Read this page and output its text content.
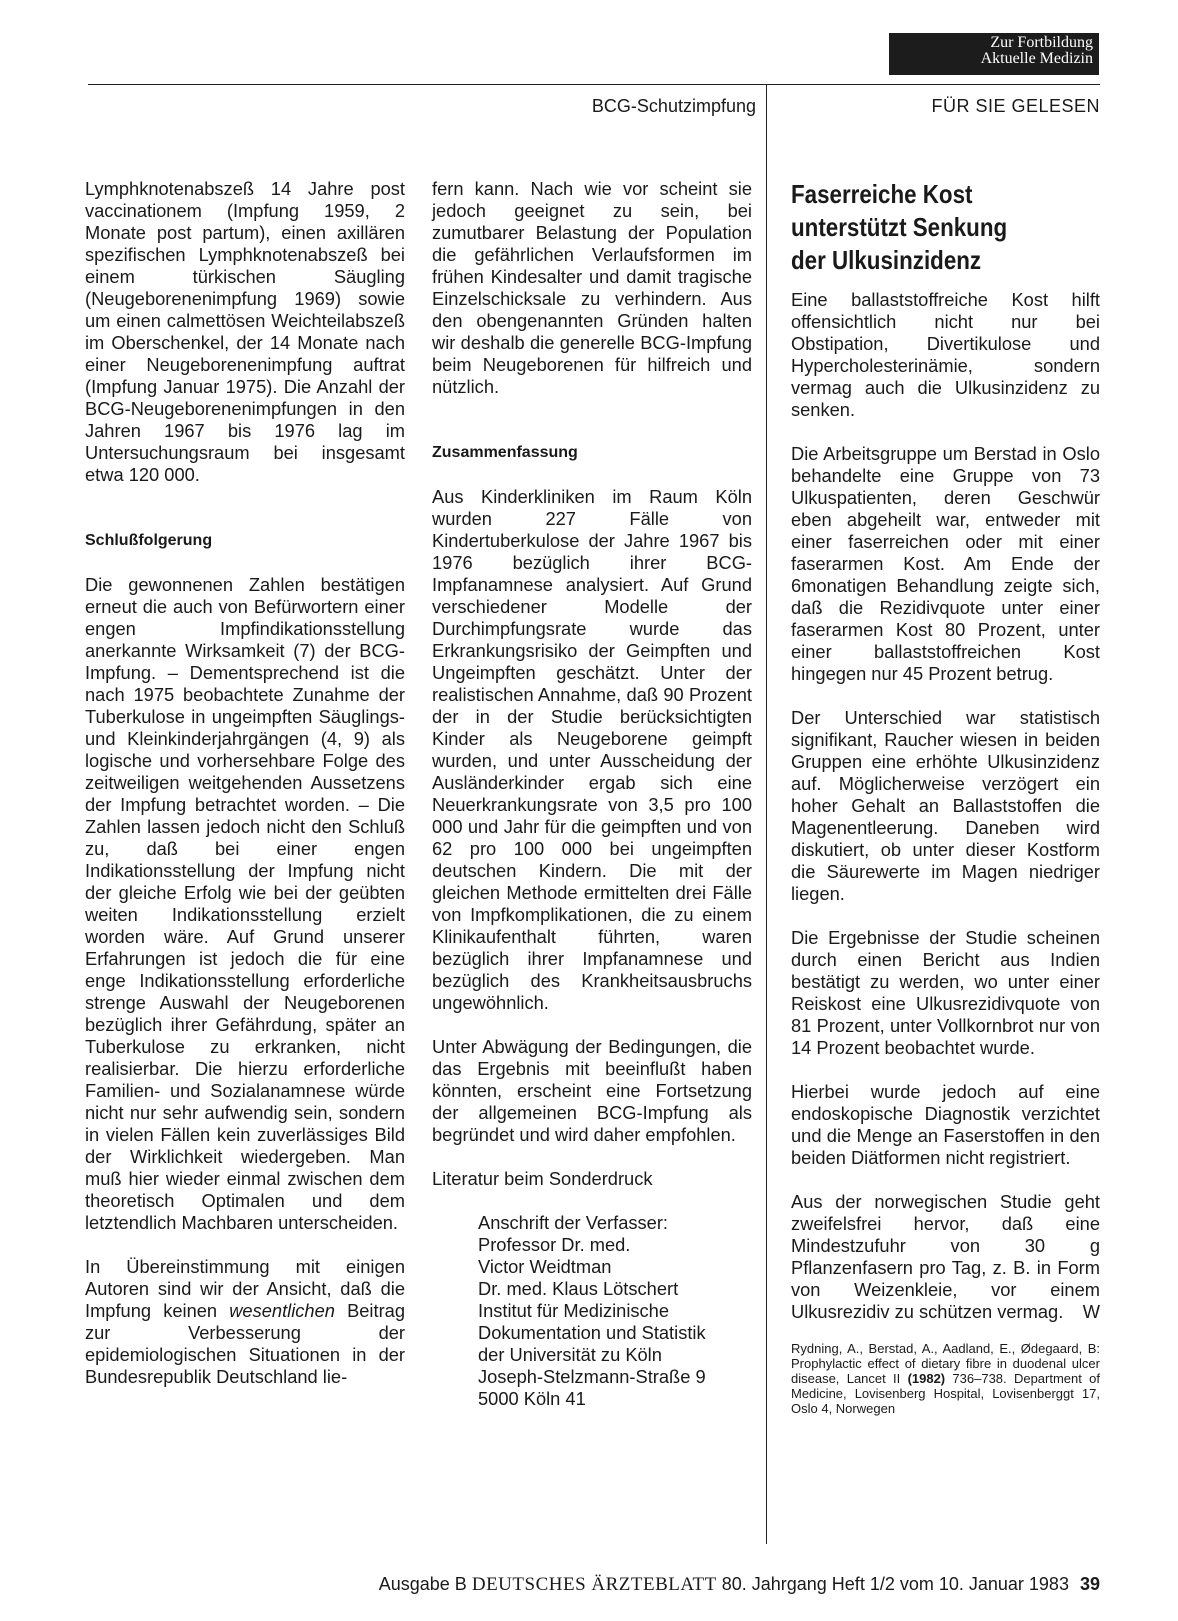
Zur Fortbildung
Aktuelle Medizin
BCG-Schutzimpfung	FÜR SIE GELESEN

Lymphknotenabszeß 14 Jahre post vaccinationem (Impfung 1959, 2 Monate post partum), einen axillären spezifischen Lymphknotenabszeß bei einem türkischen Säugling (Neugeborenenimpfung 1969) sowie um einen calmettösen Weichteilabszeß im Oberschenkel, der 14 Monate nach einer Neugeborenenimpfung auftrat (Impfung Januar 1975). Die Anzahl der BCG-Neugeborenenimpfungen in den Jahren 1967 bis 1976 lag im Untersuchungsraum bei insgesamt etwa 120 000.

Schlußfolgerung

Die gewonnenen Zahlen bestätigen erneut die auch von Befürwortern einer engen Impfindikationsstellung anerkannte Wirksamkeit (7) der BCG-Impfung. – Dementsprechend ist die nach 1975 beobachtete Zunahme der Tuberkulose in ungeimpften Säuglings- und Kleinkinderjahrgängen (4, 9) als logische und vorhersehbare Folge des zeitweiligen weitgehenden Aussetzens der Impfung betrachtet worden. – Die Zahlen lassen jedoch nicht den Schluß zu, daß bei einer engen Indikationsstellung der Impfung nicht der gleiche Erfolg wie bei der geübten weiten Indikationsstellung erzielt worden wäre. Auf Grund unserer Erfahrungen ist jedoch die für eine enge Indikationsstellung erforderliche strenge Auswahl der Neugeborenen bezüglich ihrer Gefährdung, später an Tuberkulose zu erkranken, nicht realisierbar. Die hierzu erforderliche Familien- und Sozialanamnese würde nicht nur sehr aufwendig sein, sondern in vielen Fällen kein zuverlässiges Bild der Wirklichkeit wiedergeben. Man muß hier wieder einmal zwischen dem theoretisch Optimalen und dem letztendlich Machbaren unterscheiden.

In Übereinstimmung mit einigen Autoren sind wir der Ansicht, daß die Impfung keinen wesentlichen Beitrag zur Verbesserung der epidemiologischen Situationen in der Bundesrepublik Deutschland lie-

fern kann. Nach wie vor scheint sie jedoch geeignet zu sein, bei zumutbarer Belastung der Population die gefährlichen Verlaufsformen im frühen Kindesalter und damit tragische Einzelschicksale zu verhindern. Aus den obengenannten Gründen halten wir deshalb die generelle BCG-Impfung beim Neugeborenen für hilfreich und nützlich.

Zusammenfassung

Aus Kinderkliniken im Raum Köln wurden 227 Fälle von Kindertuberkulose der Jahre 1967 bis 1976 bezüglich ihrer BCG-Impfanamnese analysiert. Auf Grund verschiedener Modelle der Durchimpfungsrate wurde das Erkrankungsrisiko der Geimpften und Ungeimpften geschätzt. Unter der realistischen Annahme, daß 90 Prozent der in der Studie berücksichtigten Kinder als Neugeborene geimpft wurden, und unter Ausscheidung der Ausländerkinder ergab sich eine Neuerkrankungsrate von 3,5 pro 100 000 und Jahr für die geimpften und von 62 pro 100 000 bei ungeimpften deutschen Kindern. Die mit der gleichen Methode ermittelten drei Fälle von Impfkomplikationen, die zu einem Klinikaufenthalt führten, waren bezüglich ihrer Impfanamnese und bezüglich des Krankheitsausbruchs ungewöhnlich.

Unter Abwägung der Bedingungen, die das Ergebnis mit beeinflußt haben könnten, erscheint eine Fortsetzung der allgemeinen BCG-Impfung als begründet und wird daher empfohlen.

Literatur beim Sonderdruck

Anschrift der Verfasser:
Professor Dr. med.
Victor Weidtman
Dr. med. Klaus Lötschert
Institut für Medizinische
Dokumentation und Statistik
der Universität zu Köln
Joseph-Stelzmann-Straße 9
5000 Köln 41
Faserreiche Kost
unterstützt Senkung
der Ulkusinzidenz

Eine ballaststoffreiche Kost hilft offensichtlich nicht nur bei Obstipation, Divertikulose und Hypercholesterinämie, sondern vermag auch die Ulkusinzidenz zu senken.

Die Arbeitsgruppe um Berstad in Oslo behandelte eine Gruppe von 73 Ulkuspatienten, deren Geschwür eben abgeheilt war, entweder mit einer faserreichen oder mit einer faserarmen Kost. Am Ende der 6monatigen Behandlung zeigte sich, daß die Rezidivquote unter einer faserarmen Kost 80 Prozent, unter einer ballaststoffreichen Kost hingegen nur 45 Prozent betrug.

Der Unterschied war statistisch signifikant, Raucher wiesen in beiden Gruppen eine erhöhte Ulkusinzidenz auf. Möglicherweise verzögert ein hoher Gehalt an Ballaststoffen die Magenentleerung. Daneben wird diskutiert, ob unter dieser Kostform die Säurewerte im Magen niedriger liegen.

Die Ergebnisse der Studie scheinen durch einen Bericht aus Indien bestätigt zu werden, wo unter einer Reiskost eine Ulkusrezidivquote von 81 Prozent, unter Vollkornbrot nur von 14 Prozent beobachtet wurde.

Hierbei wurde jedoch auf eine endoskopische Diagnostik verzichtet und die Menge an Faserstoffen in den beiden Diätformen nicht registriert.

Aus der norwegischen Studie geht zweifelsfrei hervor, daß eine Mindestzufuhr von 30 g Pflanzenfasern pro Tag, z. B. in Form von Weizenkleie, vor einem Ulkusrezidiv zu schützen vermag. W

Rydning, A., Berstad, A., Aadland, E., Ødegaard, B: Prophylactic effect of dietary fibre in duodenal ulcer disease, Lancet II (1982) 736–738. Department of Medicine, Lovisenberg Hospital, Lovisenberggt 17, Oslo 4, Norwegen

Ausgabe B DEUTSCHES ÄRZTEBLATT 80. Jahrgang Heft 1/2 vom 10. Januar 1983 39
